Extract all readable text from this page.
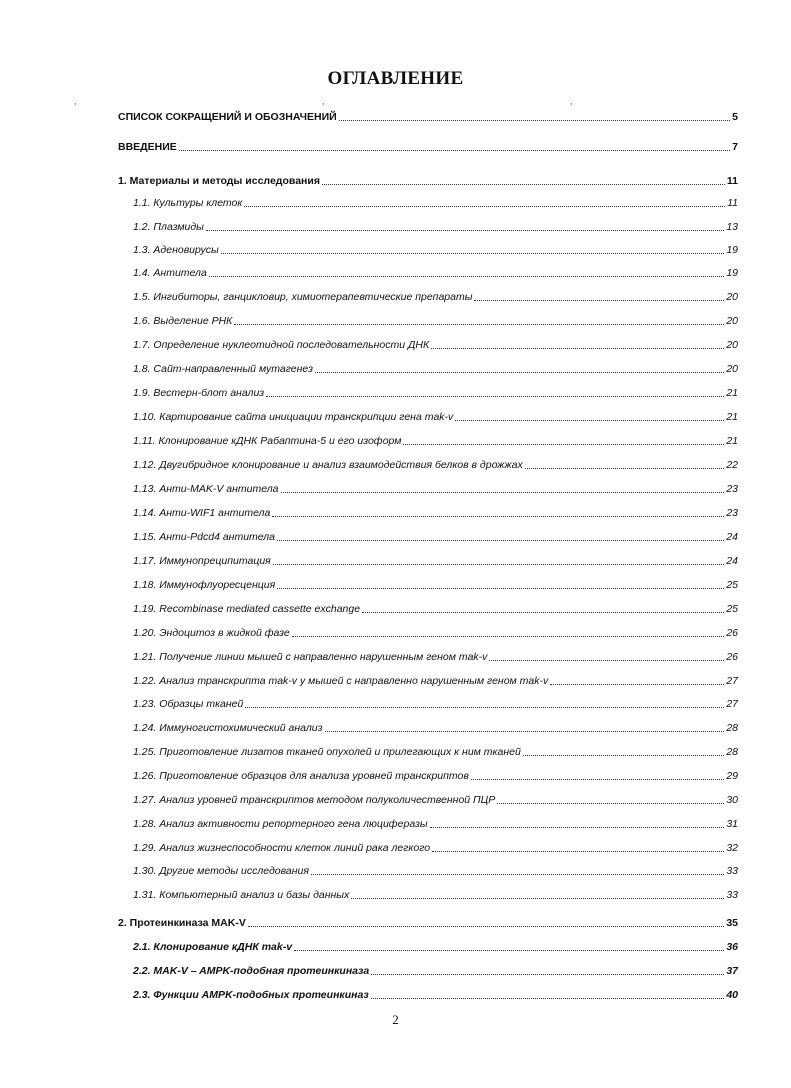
ОГЛАВЛЕНИЕ
,	,	,
СПИСОК СОКРАЩЕНИЙ И ОБОЗНАЧЕНИЙ	5
ВВЕДЕНИЕ	7
1. Материалы и методы исследования	11
1.1. Культуры клеток	11
1.2. Плазмиды	13
1.3. Аденовирусы	19
1.4. Антитела	19
1.5. Ингибиторы, ганцикловир, химиотерапевтические препараты	20
1.6. Выделение РНК	20
1.7. Определение нуклеотидной последовательности ДНК	20
1.8. Сайт-направленный мутагенез	20
1.9. Вестерн-блот анализ	21
1.10. Картирование сайта инициации транскрипции гена mak-v	21
1.11. Клонирование кДНК Рабаптина-5 и его изоформ	21
1.12. Двугибридное клонирование и анализ взаимодействия белков в дрожжах	22
1.13. Анти-MAK-V антитела	23
1.14. Анти-WIF1 антитела	23
1.15. Анти-Pdcd4 антитела	24
1.17. Иммунопреципитация	24
1.18. Иммунофлуоресценция	25
1.19. Recombinase mediated cassette exchange	25
1.20. Эндоцитоз в жидкой фазе	26
1.21. Получение линии мышей с направленно нарушенным геном mak-v	26
1.22. Анализ транскрипта mak-v у мышей с направленно нарушенным геном mak-v	27
1.23. Образцы тканей	27
1.24. Иммуногистохимический анализ	28
1.25. Приготовление лизатов тканей опухолей и прилегающих к ним тканей	28
1.26. Приготовление образцов для анализа уровней транскриптов	29
1.27. Анализ уровней транскриптов методом полуколичественной ПЦР	30
1.28. Анализ активности репортерного гена люциферазы	31
1.29. Анализ жизнеспособности клеток линий рака легкого	32
1.30. Другие методы исследования	33
1.31. Компьютерный анализ и базы данных	33
2. Протеинкиназа MAK-V	35
2.1. Клонирование кДНК mak-v	36
2.2. MAK-V – AMPK-подобная протеинкиназа	37
2.3. Функции AMPK-подобных протеинкиназ	40
2
